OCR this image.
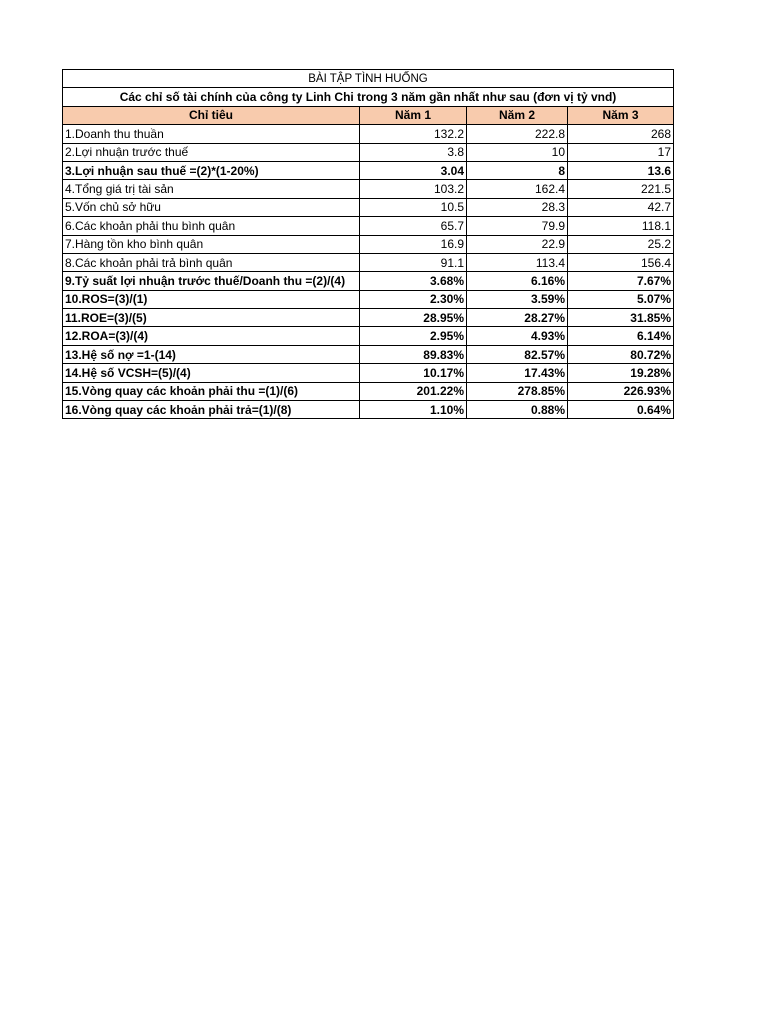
BÀI TẬP TÌNH HUỐNG			
Các chỉ số tài chính của công ty Linh Chi trong 3 năm gần nhất như sau (đơn vị tỷ vnd)			
Chỉ tiêu	Năm 1	Năm 2	Năm 3
1.Doanh thu thuần	132.2	222.8	268
2.Lợi nhuận trước thuế	3.8	10	17
3.Lợi nhuận sau thuế =(2)*(1-20%)	3.04	8	13.6
4.Tổng giá trị tài sản	103.2	162.4	221.5
5.Vốn chủ sở hữu	10.5	28.3	42.7
6.Các khoản phải thu bình quân	65.7	79.9	118.1
7.Hàng tồn kho bình quân	16.9	22.9	25.2
8.Các khoản phải trả bình quân	91.1	113.4	156.4
9.Tỷ suất lợi nhuận trước thuế/Doanh thu =(2)/(4)	3.68%	6.16%	7.67%
10.ROS=(3)/(1)	2.30%	3.59%	5.07%
11.ROE=(3)/(5)	28.95%	28.27%	31.85%
12.ROA=(3)/(4)	2.95%	4.93%	6.14%
13.Hệ số nợ =1-(14)	89.83%	82.57%	80.72%
14.Hệ số VCSH=(5)/(4)	10.17%	17.43%	19.28%
15.Vòng quay các khoản phải thu =(1)/(6)	201.22%	278.85%	226.93%
16.Vòng quay các khoản phải trả=(1)/(8)	1.10%	0.88%	0.64%
